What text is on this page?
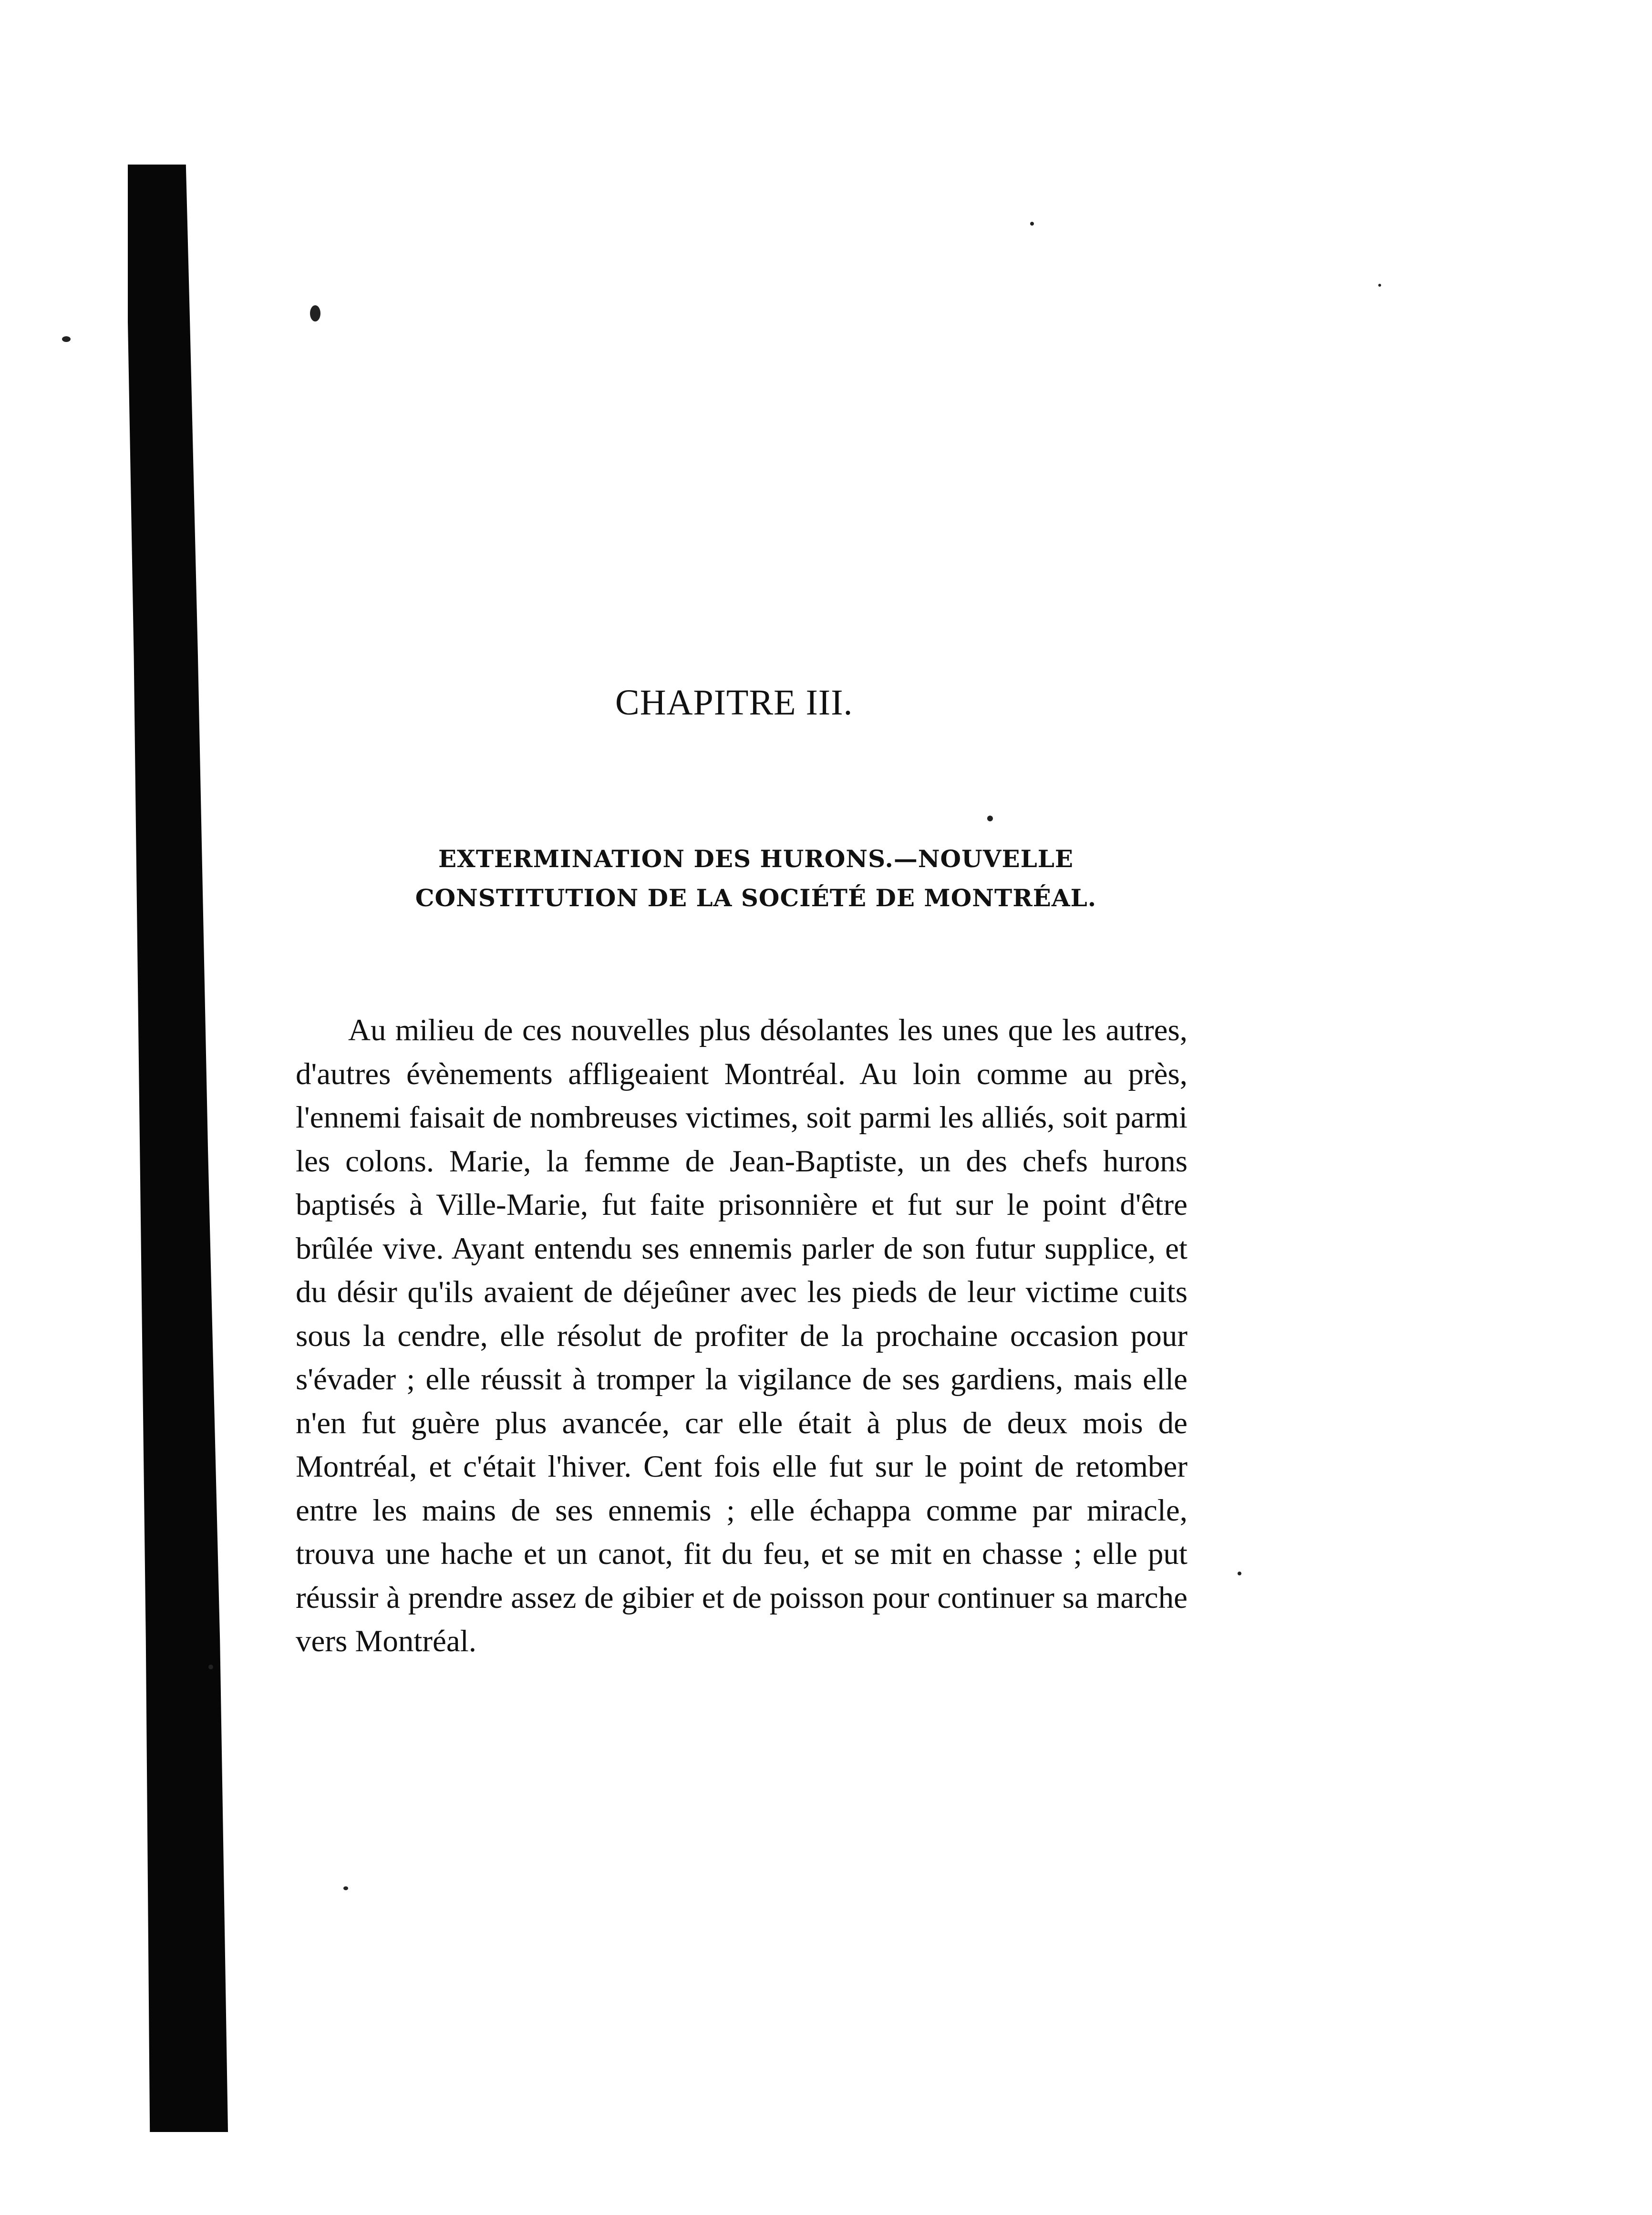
CHAPITRE III.

EXTERMINATION DES HURONS.—NOUVELLE CONSTITUTION DE LA SOCIÉTÉ DE MONTRÉAL.

Au milieu de ces nouvelles plus désolantes les unes que les autres, d'autres évènements affligeaient Montréal. Au loin comme au près, l'ennemi faisait de nombreuses victimes, soit parmi les alliés, soit parmi les colons. Marie, la femme de Jean-Baptiste, un des chefs hurons baptisés à Ville-Marie, fut faite prisonnière et fut sur le point d'être brûlée vive. Ayant entendu ses ennemis parler de son futur supplice, et du désir qu'ils avaient de déjeûner avec les pieds de leur victime cuits sous la cendre, elle résolut de profiter de la prochaine occasion pour s'évader ; elle réussit à tromper la vigilance de ses gardiens, mais elle n'en fut guère plus avancée, car elle était à plus de deux mois de Montréal, et c'était l'hiver. Cent fois elle fut sur le point de retomber entre les mains de ses ennemis ; elle échappa comme par miracle, trouva une hache et un canot, fit du feu, et se mit en chasse ; elle put réussir à prendre assez de gibier et de poisson pour continuer sa marche vers Montréal.
